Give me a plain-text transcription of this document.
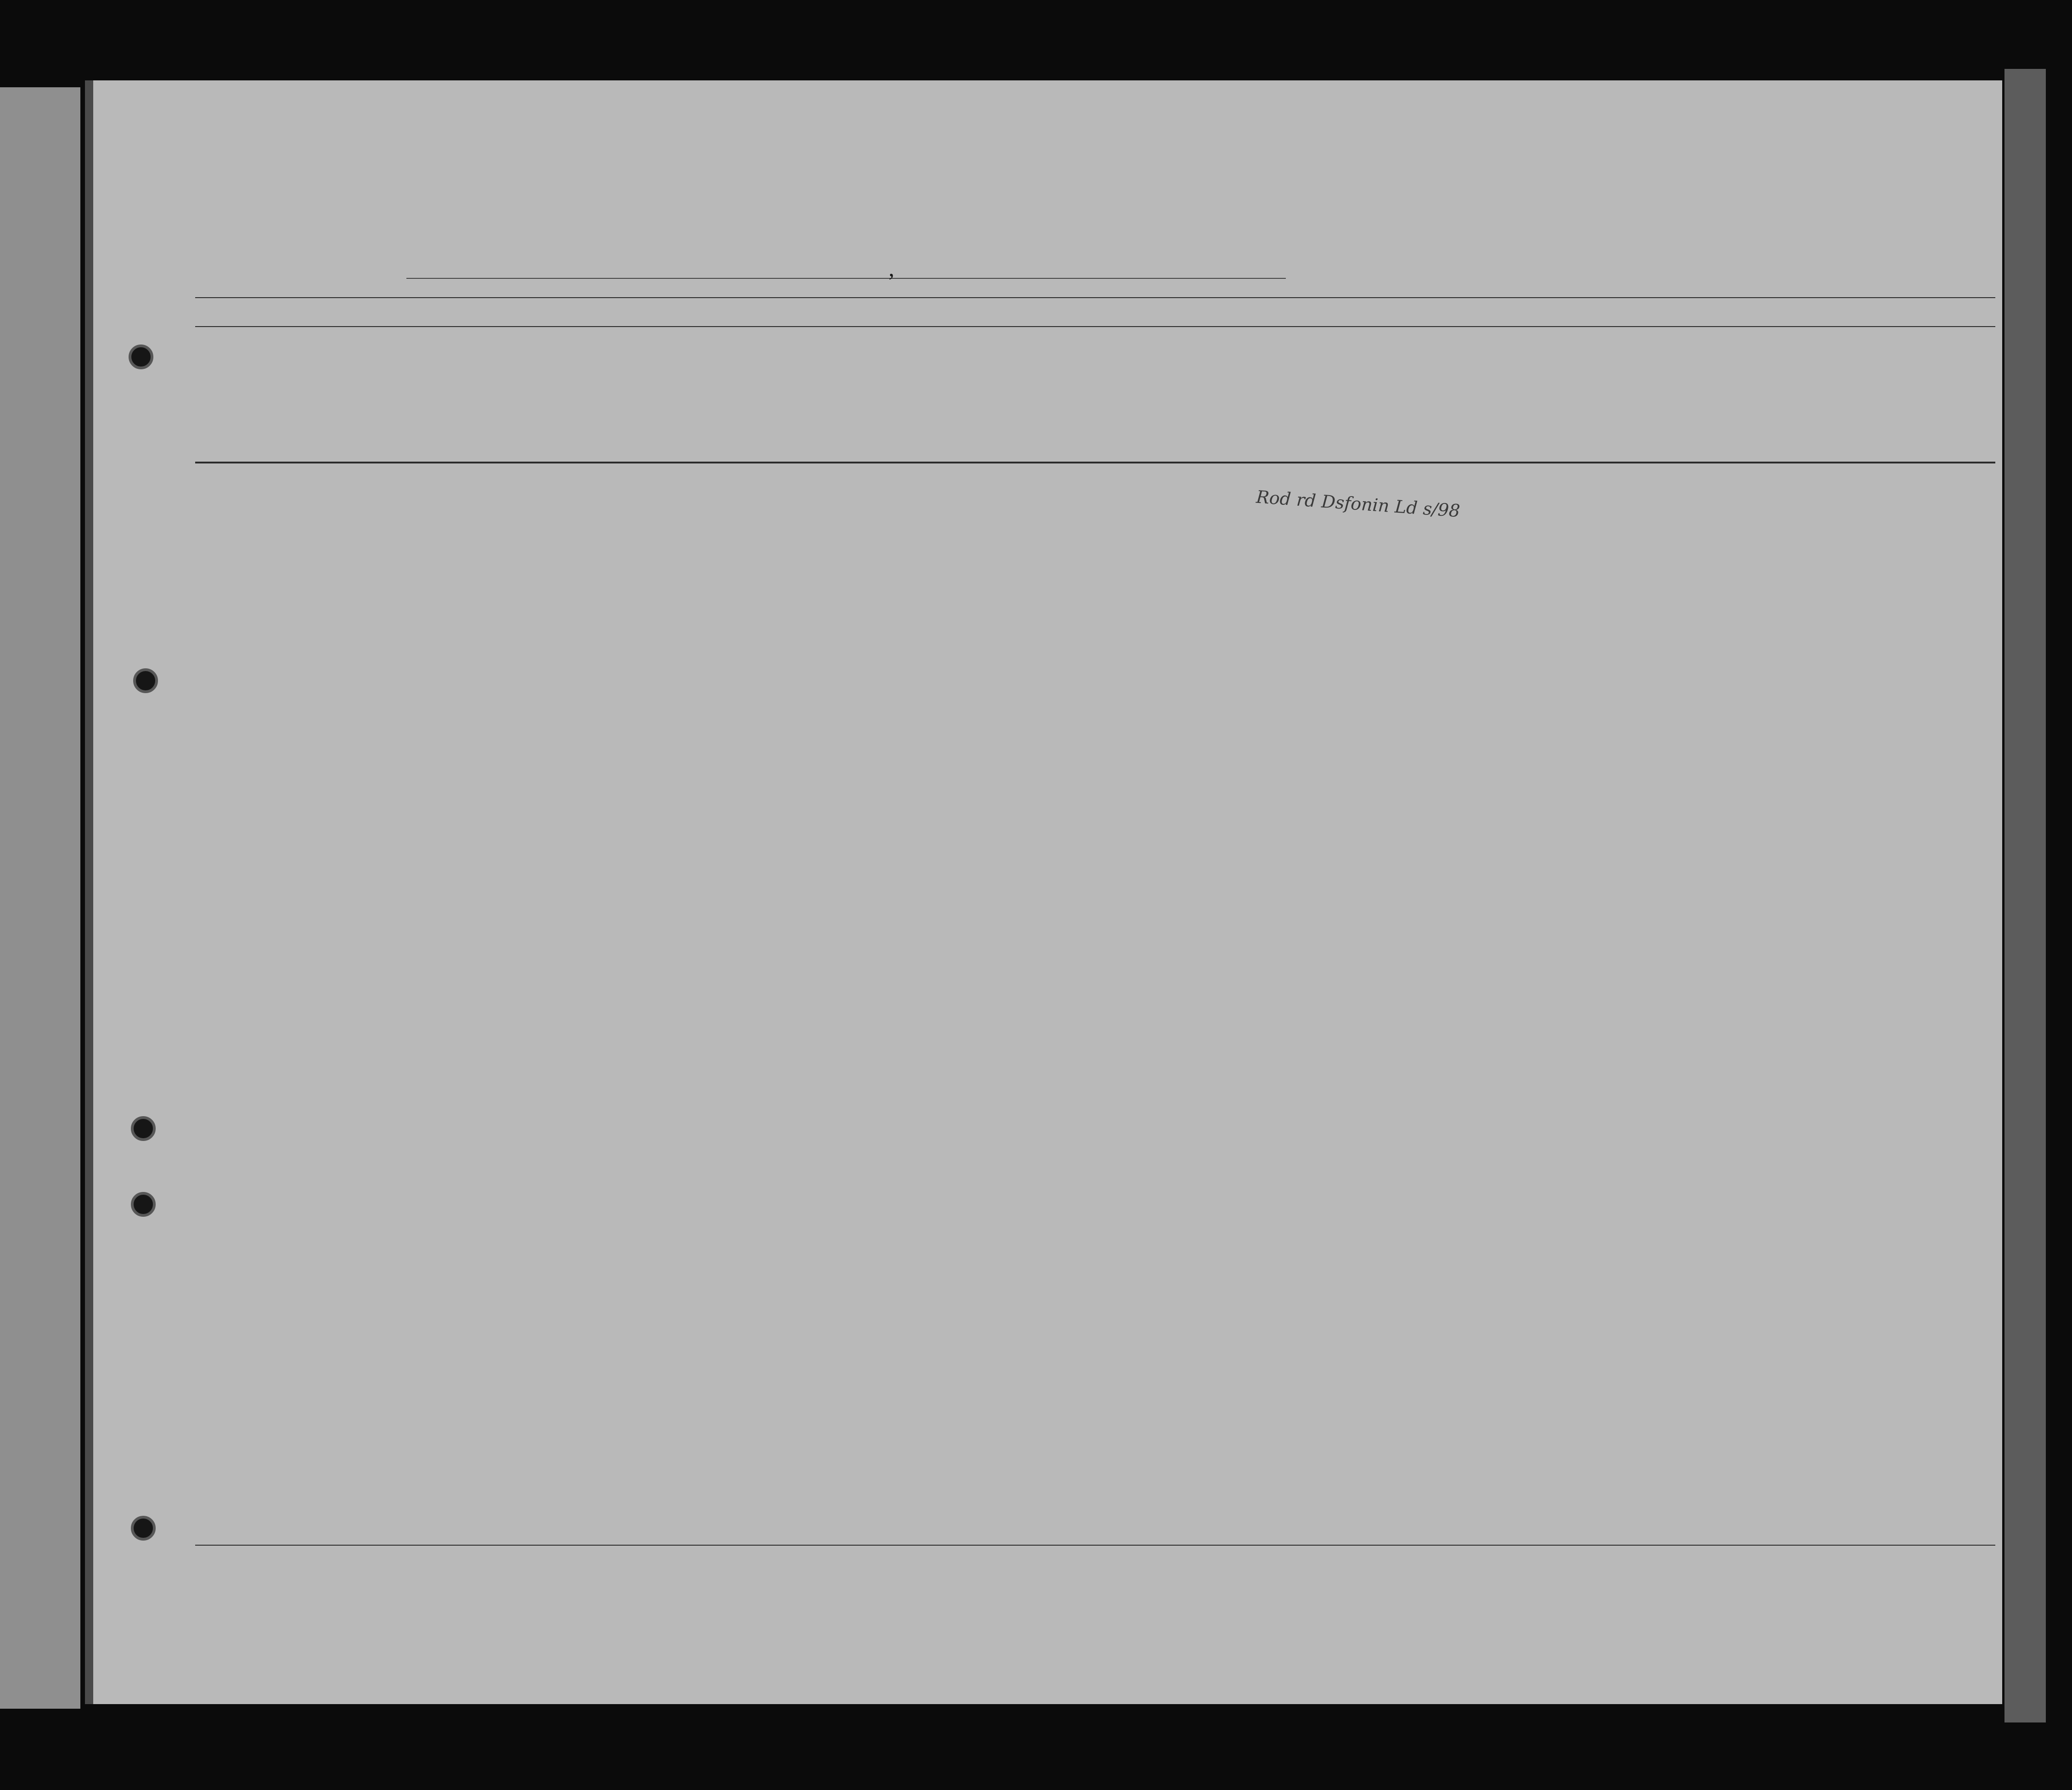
,
Rod rd Dsfonin Ld s/98
